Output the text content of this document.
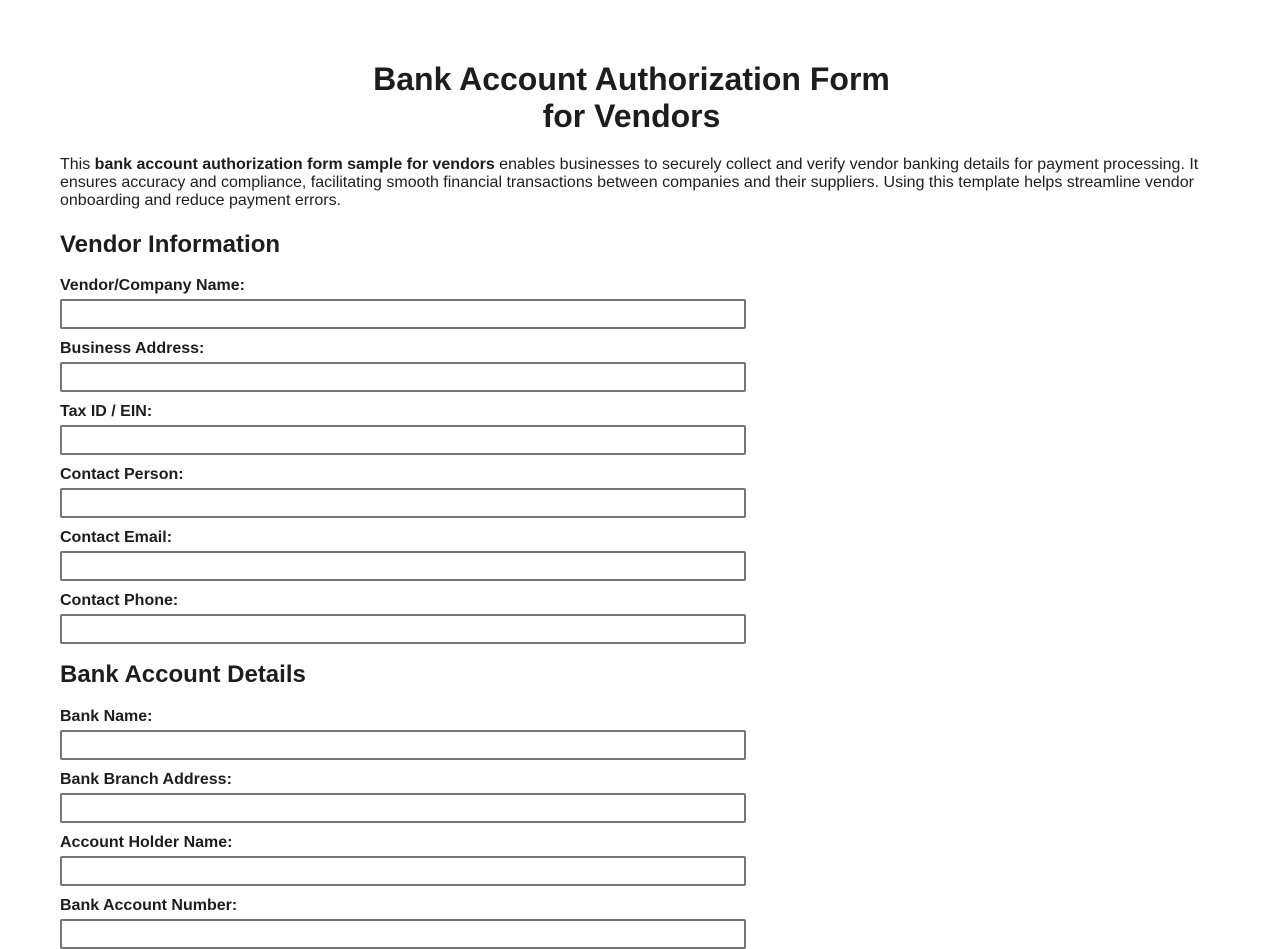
Bank Account Authorization Form
for Vendors

This bank account authorization form sample for vendors enables businesses to securely collect and verify vendor banking details for payment processing. It ensures accuracy and compliance, facilitating smooth financial transactions between companies and their suppliers. Using this template helps streamline vendor onboarding and reduce payment errors.

Vendor Information
Vendor/Company Name:
Business Address:
Tax ID / EIN:
Contact Person:
Contact Email:
Contact Phone:
Bank Account Details
Bank Name:
Bank Branch Address:
Account Holder Name:
Bank Account Number:
